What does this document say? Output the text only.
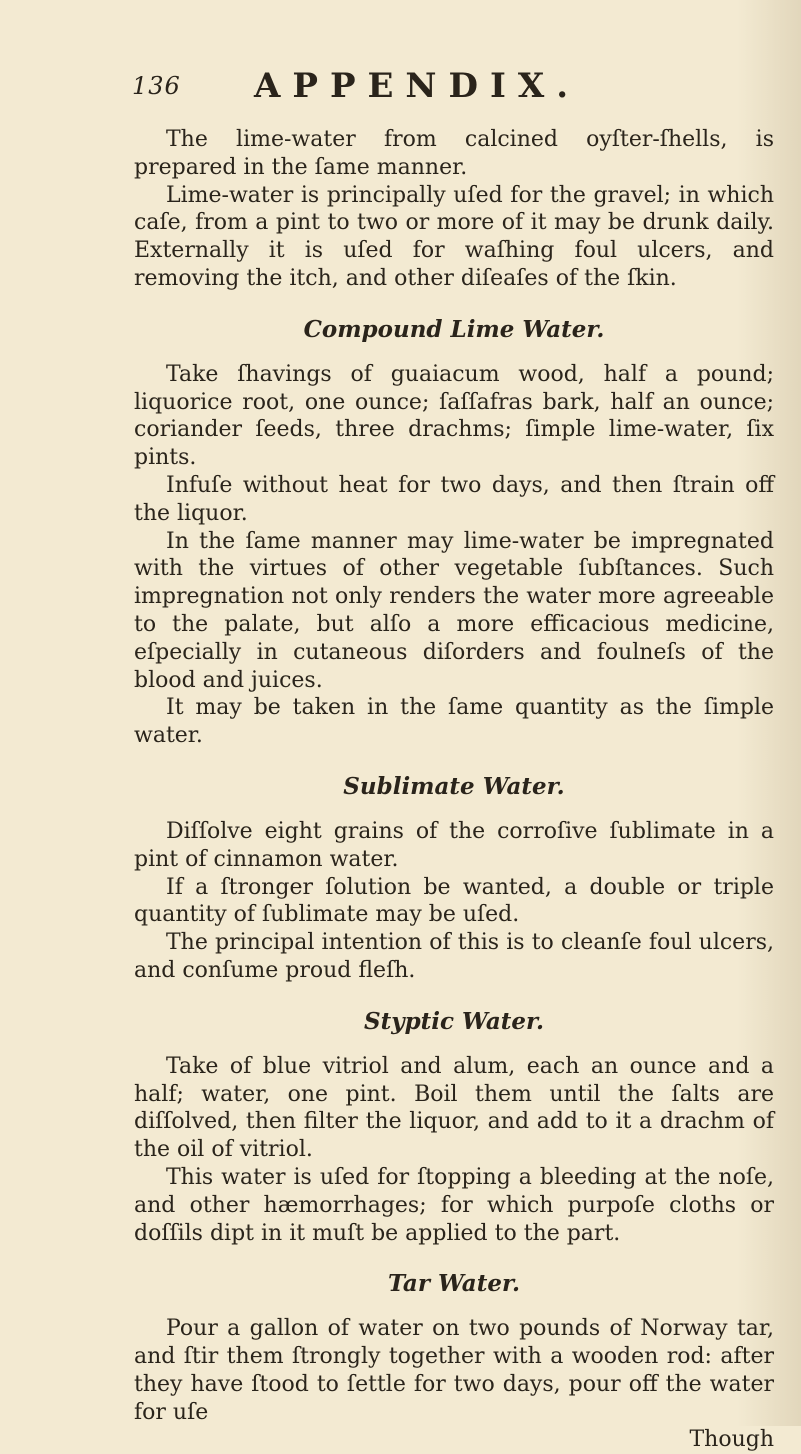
136 APPENDIX.

The lime-water from calcined oyſter-ſhells, is prepared in the ſame manner.

Lime-water is principally uſed for the gravel; in which caſe, from a pint to two or more of it may be drunk daily. Externally it is uſed for waſhing foul ulcers, and removing the itch, and other diſeaſes of the ſkin.

Compound Lime Water.

Take ſhavings of guaiacum wood, half a pound; liquorice root, one ounce; ſaſſafras bark, half an ounce; coriander ſeeds, three drachms; ſimple lime-water, ſix pints.

Infuſe without heat for two days, and then ſtrain off the liquor.

In the ſame manner may lime-water be impregnated with the virtues of other vegetable ſubſtances. Such impregnation not only renders the water more agreeable to the palate, but alſo a more efficacious medicine, eſpecially in cutaneous diſorders and foulneſs of the blood and juices.

It may be taken in the ſame quantity as the ſimple water.

Sublimate Water.

Diſſolve eight grains of the corroſive ſublimate in a pint of cinnamon water.

If a ſtronger ſolution be wanted, a double or triple quantity of ſublimate may be uſed.

The principal intention of this is to cleanſe foul ulcers, and conſume proud fleſh.

Styptic Water.

Take of blue vitriol and alum, each an ounce and a half; water, one pint. Boil them until the ſalts are diſſolved, then filter the liquor, and add to it a drachm of the oil of vitriol.

This water is uſed for ſtopping a bleeding at the noſe, and other hæmorrhages; for which purpoſe cloths or doſſils dipt in it muſt be applied to the part.

Tar Water.

Pour a gallon of water on two pounds of Norway tar, and ſtir them ſtrongly together with a wooden rod: after they have ſtood to ſettle for two days, pour off the water for uſe

Though
